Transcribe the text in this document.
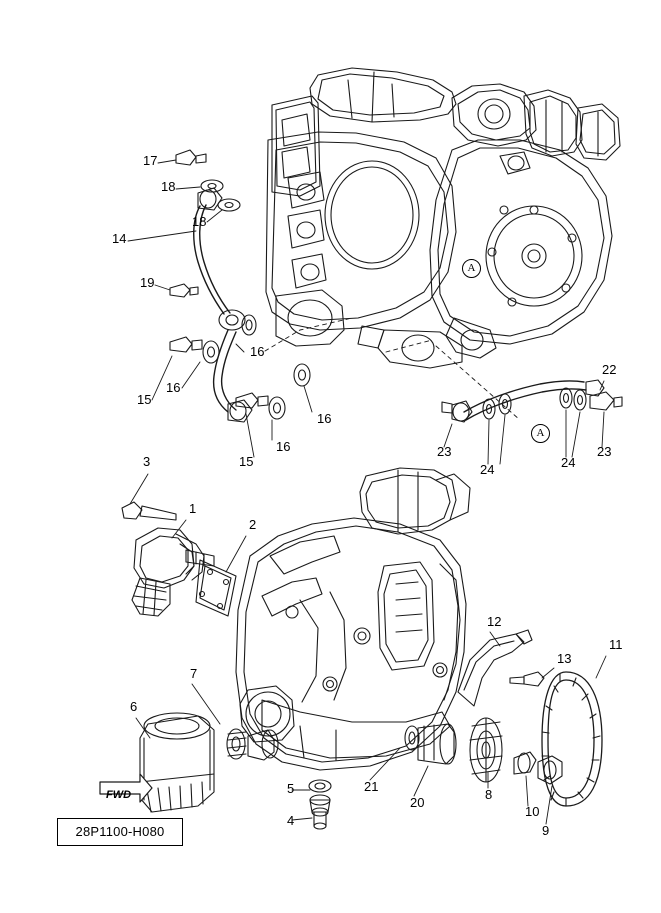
A
A
17
18
18
14
19
16
16
16
15
16
15
22
23
24	24
23
3
1
2
12
13
11
7
6
5	21
20
8
10
9
4
FWD
28P1100-H080
